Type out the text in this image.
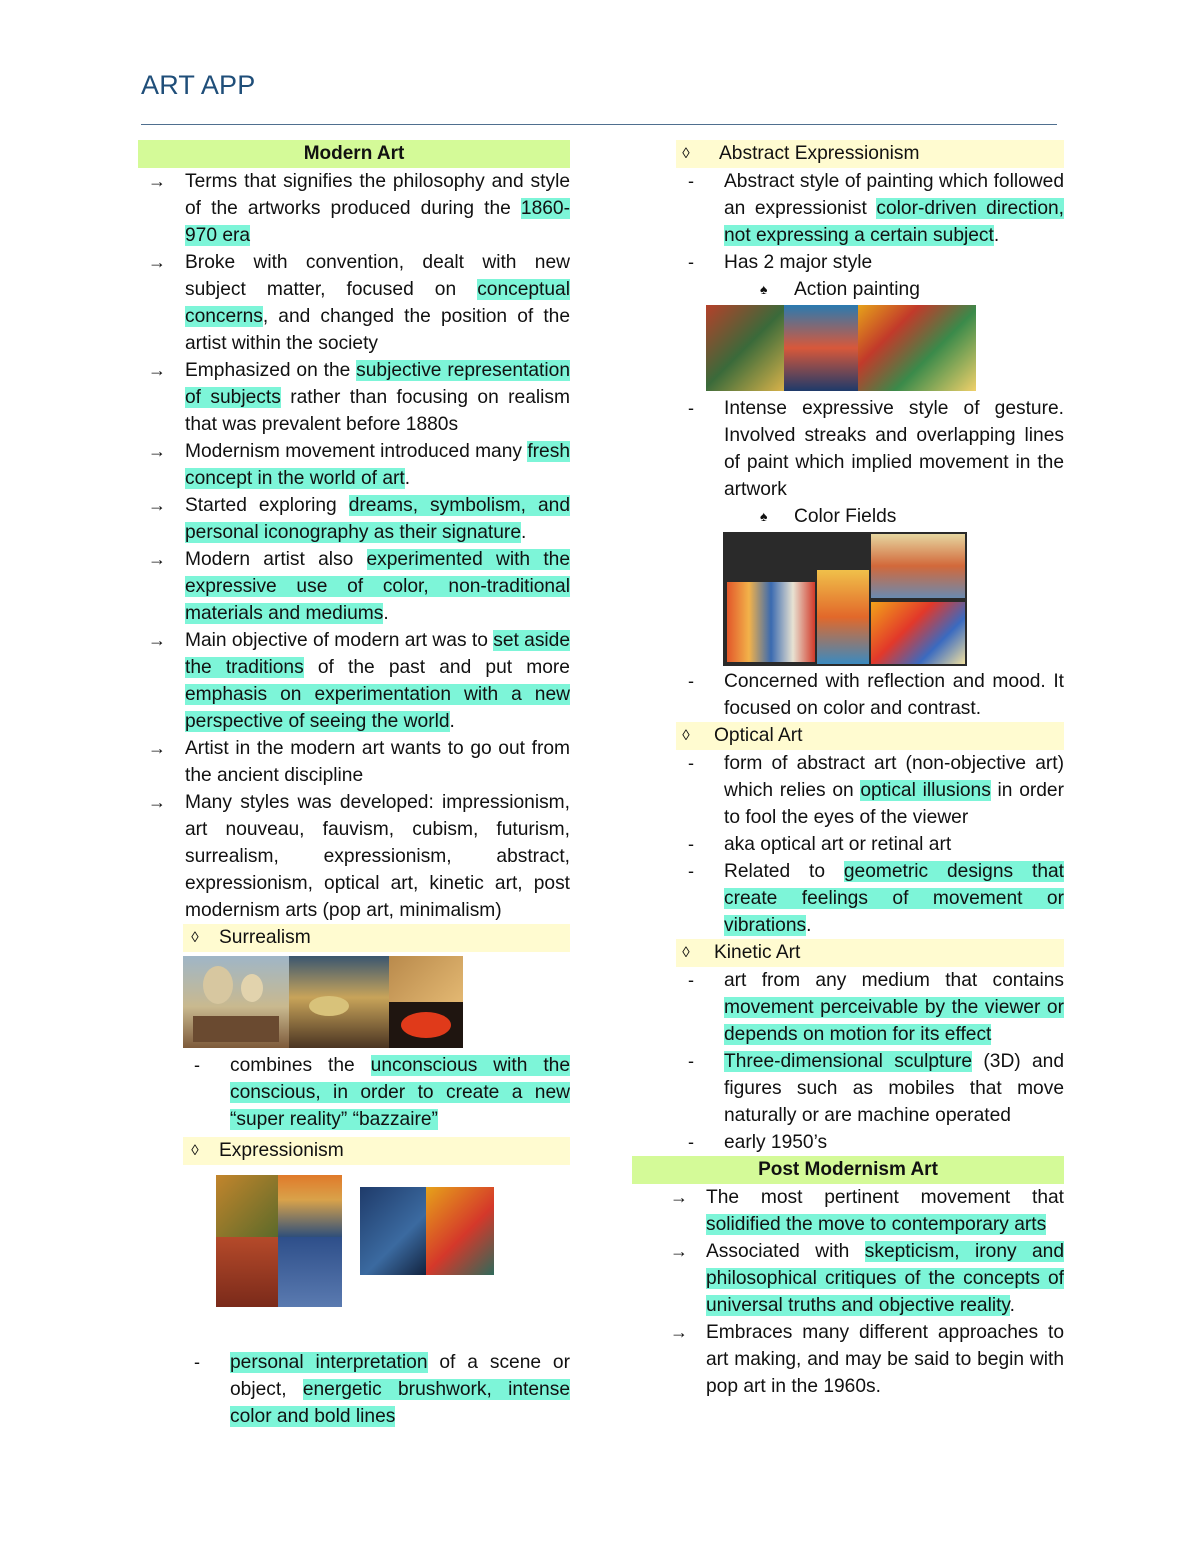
ART APP
Modern Art
→ Terms that signifies the philosophy and style of the artworks produced during the 1860-970 era
→ Broke with convention, dealt with new subject matter, focused on conceptual concerns, and changed the position of the artist within the society
→ Emphasized on the subjective representation of subjects rather than focusing on realism that was prevalent before 1880s
→ Modernism movement introduced many fresh concept in the world of art.
→ Started exploring dreams, symbolism, and personal iconography as their signature.
→ Modern artist also experimented with the expressive use of color, non-traditional materials and mediums.
→ Main objective of modern art was to set aside the traditions of the past and put more emphasis on experimentation with a new perspective of seeing the world.
→ Artist in the modern art wants to go out from the ancient discipline
→ Many styles was developed: impressionism, art nouveau, fauvism, cubism, futurism, surrealism, expressionism, abstract, expressionism, optical art, kinetic art, post modernism arts (pop art, minimalism)
◊	Surrealism
- combines the unconscious with the conscious, in order to create a new “super reality” “bazzaire”
◊	Expressionism
- personal interpretation of a scene or object, energetic brushwork, intense color and bold lines
◊	Abstract Expressionism
- Abstract style of painting which followed an expressionist color-driven direction, not expressing a certain subject.
- Has 2 major style
♠ Action painting
- Intense expressive style of gesture. Involved streaks and overlapping lines of paint which implied movement in the artwork
♠ Color Fields
- Concerned with reflection and mood. It focused on color and contrast.
◊	Optical Art
- form of abstract art (non-objective art) which relies on optical illusions in order to fool the eyes of the viewer
- aka optical art or retinal art
- Related to geometric designs that create feelings of movement or vibrations.
◊	Kinetic Art
- art from any medium that contains movement perceivable by the viewer or depends on motion for its effect
- Three-dimensional sculpture (3D) and figures such as mobiles that move naturally or are machine operated
- early 1950’s
Post Modernism Art
→ The most pertinent movement that solidified the move to contemporary arts
→ Associated with skepticism, irony and philosophical critiques of the concepts of universal truths and objective reality.
→ Embraces many different approaches to art making, and may be said to begin with pop art in the 1960s.
